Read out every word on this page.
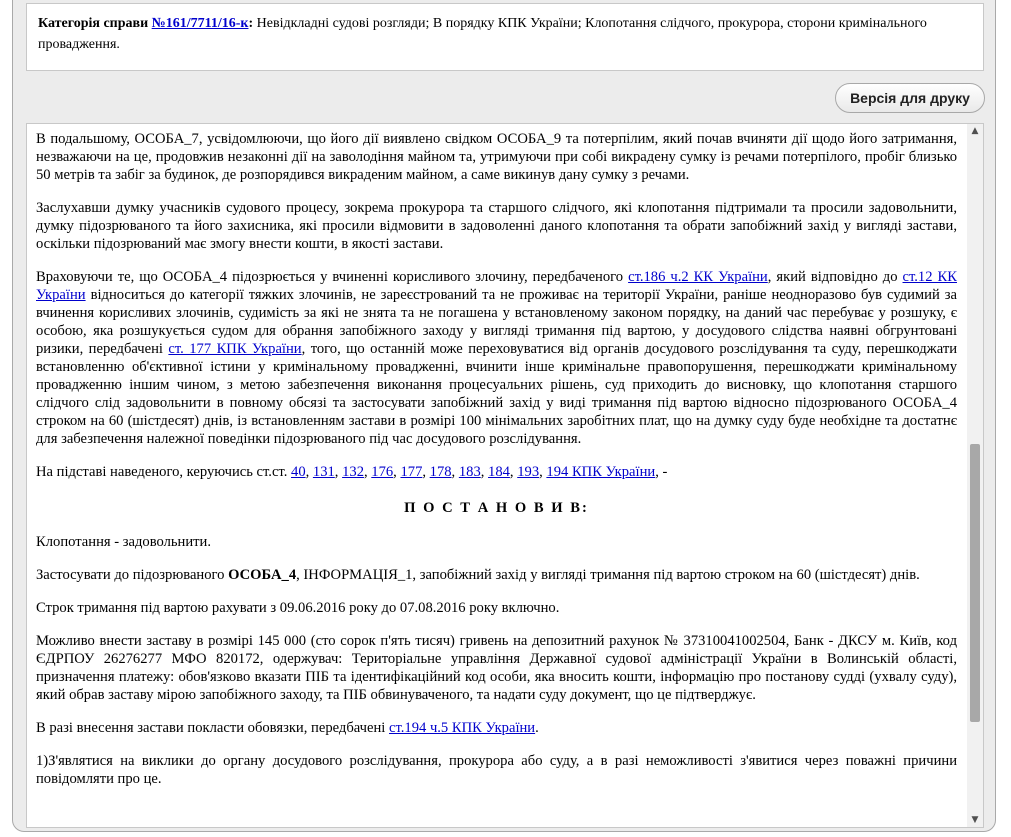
Категорія справи №161/7711/16-к: Невідкладні судові розгляди; В порядку КПК України; Клопотання слідчого, прокурора, сторони кримінального провадження.
Версія для друку

В подальшому, ОСОБА_7, усвідомлюючи, що його дії виявлено свідком ОСОБА_9 та потерпілим, який почав вчиняти дії щодо його затримання, незважаючи на це, продовжив незаконні дії на заволодіння майном та, утримуючи при собі викрадену сумку із речами потерпілого, пробіг близько 50 метрів та забіг за будинок, де розпорядився викраденим майном, а саме викинув дану сумку з речами.

Заслухавши думку учасників судового процесу, зокрема прокурора та старшого слідчого, які клопотання підтримали та просили задовольнити, думку підозрюваного та його захисника, які просили відмовити в задоволенні даного клопотання та обрати запобіжний захід у вигляді застави, оскільки підозрюваний має змогу внести кошти, в якості застави.

Враховуючи те, що ОСОБА_4 підозрюється у вчиненні корисливого злочину, передбаченого ст.186 ч.2 КК України, який відповідно до ст.12 КК України відноситься до категорії тяжких злочинів, не зареєстрований та не проживає на території України, раніше неодноразово був судимий за вчинення корисливих злочинів, судимість за які не знята та не погашена у встановленому законом порядку, на даний час перебуває у розшуку, є особою, яка розшукується судом для обрання запобіжного заходу у вигляді тримання під вартою, у досудового слідства наявні обгрунтовані ризики, передбачені ст. 177 КПК України, того, що останній може переховуватися від органів досудового розслідування та суду, перешкоджати встановленню об'єктивної істини у кримінальному провадженні, вчинити інше кримінальне правопорушення, перешкоджати кримінальному провадженню іншим чином, з метою забезпечення виконання процесуальних рішень, суд приходить до висновку, що клопотання старшого слідчого слід задовольнити в повному обсязі та застосувати запобіжний захід у виді тримання під вартою відносно підозрюваного ОСОБА_4 строком на 60 (шістдесят) днів, із встановленням застави в розмірі 100 мінімальних заробітних плат, що на думку суду буде необхідне та достатнє для забезпечення належної поведінки підозрюваного під час досудового розслідування.

На підставі наведеного, керуючись ст.ст. 40, 131, 132, 176, 177, 178, 183, 184, 193, 194 КПК України, -

П О С Т А Н О В И В:

Клопотання - задовольнити.

Застосувати до підозрюваного ОСОБА_4, ІНФОРМАЦІЯ_1, запобіжний захід у вигляді тримання під вартою строком на 60 (шістдесят) днів.

Строк тримання під вартою рахувати з 09.06.2016 року до 07.08.2016 року включно.

Можливо внести заставу в розмірі 145 000 (сто сорок п'ять тисяч) гривень на депозитний рахунок № 37310041002504, Банк - ДКСУ м. Київ, код ЄДРПОУ 26276277 МФО 820172, одержувач: Територіальне управління Державної судової адміністрації України в Волинській області, призначення платежу: обов'язково вказати ПІБ та ідентифікаційний код особи, яка вносить кошти, інформацію про постанову судді (ухвалу суду), який обрав заставу мірою запобіжного заходу, та ПІБ обвинуваченого, та надати суду документ, що це підтверджує.

В разі внесення застави покласти обовязки, передбачені ст.194 ч.5 КПК України.

1)З'являтися на виклики до органу досудового розслідування, прокурора або суду, а в разі неможливості з'явитися через поважні причини повідомляти про це.

▲
▼
